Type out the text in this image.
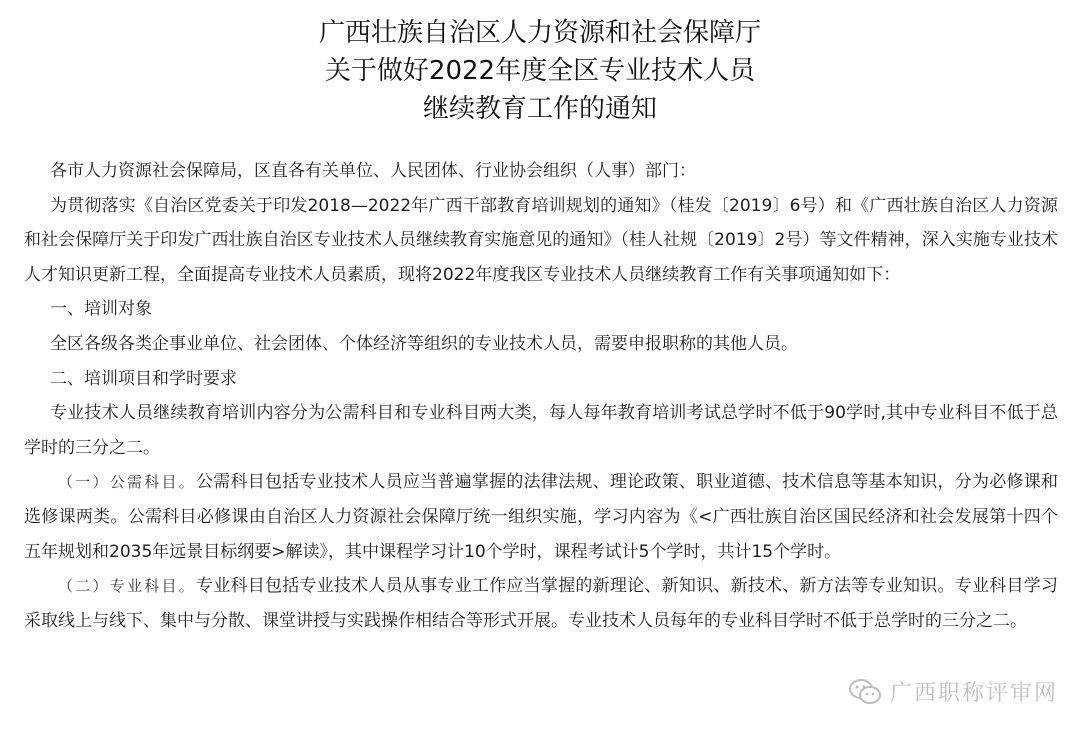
广西壮族自治区人力资源和社会保障厅
关于做好2022年度全区专业技术人员
继续教育工作的通知

各市人力资源社会保障局，区直各有关单位、人民团体、行业协会组织（人事）部门：

为贯彻落实《自治区党委关于印发2018—2022年广西干部教育培训规划的通知》（桂发〔2019〕6号）和《广西壮族自治区人力资源和社会保障厅关于印发广西壮族自治区专业技术人员继续教育实施意见的通知》（桂人社规〔2019〕2号）等文件精神，深入实施专业技术人才知识更新工程，全面提高专业技术人员素质，现将2022年度我区专业技术人员继续教育工作有关事项通知如下：

一、培训对象

全区各级各类企事业单位、社会团体、个体经济等组织的专业技术人员，需要申报职称的其他人员。

二、培训项目和学时要求

专业技术人员继续教育培训内容分为公需科目和专业科目两大类，每人每年教育培训考试总学时不低于90学时,其中专业科目不低于总学时的三分之二。

（一）公需科目。公需科目包括专业技术人员应当普遍掌握的法律法规、理论政策、职业道德、技术信息等基本知识，分为必修课和选修课两类。公需科目必修课由自治区人力资源社会保障厅统一组织实施，学习内容为《<广西壮族自治区国民经济和社会发展第十四个五年规划和2035年远景目标纲要>解读》，其中课程学习计10个学时，课程考试计5个学时，共计15个学时。

（二）专业科目。专业科目包括专业技术人员从事专业工作应当掌握的新理论、新知识、新技术、新方法等专业知识。专业科目学习采取线上与线下、集中与分散、课堂讲授与实践操作相结合等形式开展。专业技术人员每年的专业科目学时不低于总学时的三分之二。

广西职称评审网
